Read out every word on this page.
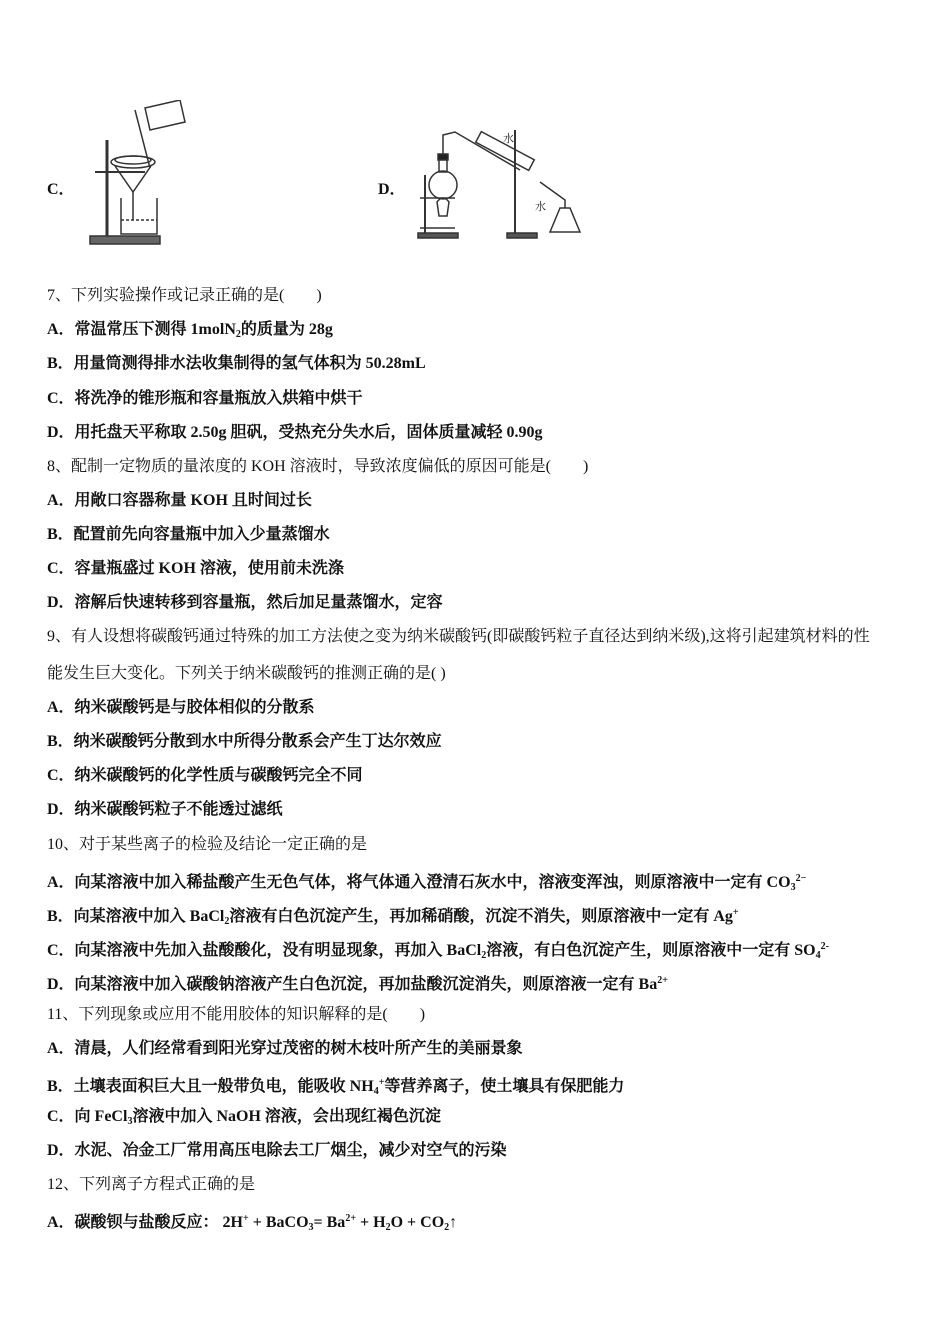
C．	D．
水
水
7、下列实验操作或记录正确的是(　　)
A．常温常压下测得 1molN$_2$的质量为 28g
B．用量筒测得排水法收集制得的氢气体积为 50.28mL
C．将洗净的锥形瓶和容量瓶放入烘箱中烘干
D．用托盘天平称取 2.50g 胆矾，受热充分失水后，固体质量减轻 0.90g
8、配制一定物质的量浓度的 KOH 溶液时，导致浓度偏低的原因可能是(　　)
A．用敞口容器称量 KOH 且时间过长
B．配置前先向容量瓶中加入少量蒸馏水
C．容量瓶盛过 KOH 溶液，使用前未洗涤
D．溶解后快速转移到容量瓶，然后加足量蒸馏水，定容
9、有人设想将碳酸钙通过特殊的加工方法使之变为纳米碳酸钙(即碳酸钙粒子直径达到纳米级),这将引起建筑材料的性
能发生巨大变化。下列关于纳米碳酸钙的推测正确的是( )
A．纳米碳酸钙是与胶体相似的分散系
B．纳米碳酸钙分散到水中所得分散系会产生丁达尔效应
C．纳米碳酸钙的化学性质与碳酸钙完全不同
D．纳米碳酸钙粒子不能透过滤纸
10、对于某些离子的检验及结论一定正确的是
A．向某溶液中加入稀盐酸产生无色气体，将气体通入澄清石灰水中，溶液变浑浊，则原溶液中一定有 $CO_3^{2-}$
B．向某溶液中加入 BaCl$_2$溶液有白色沉淀产生，再加稀硝酸，沉淀不消失，则原溶液中一定有 Ag+
C．向某溶液中先加入盐酸酸化，没有明显现象，再加入 BaCl$_2$溶液，有白色沉淀产生，则原溶液中一定有 $SO_4^{2-}$
D．向某溶液中加入碳酸钠溶液产生白色沉淀，再加盐酸沉淀消失，则原溶液一定有 $Ba^{2+}$
11、下列现象或应用不能用胶体的知识解释的是(　　)
A．清晨，人们经常看到阳光穿过茂密的树木枝叶所产生的美丽景象
B．土壤表面积巨大且一般带负电，能吸收 $NH_4^+$等营养离子，使土壤具有保肥能力
C．向 FeCl$_3$溶液中加入 NaOH 溶液，会出现红褐色沉淀
D．水泥、冶金工厂常用高压电除去工厂烟尘，减少对空气的污染
12、下列离子方程式正确的是
A．碳酸钡与盐酸反应： 2H+ + BaCO$_3$= $Ba^{2+} + H_2O$ + $CO_2↑$
